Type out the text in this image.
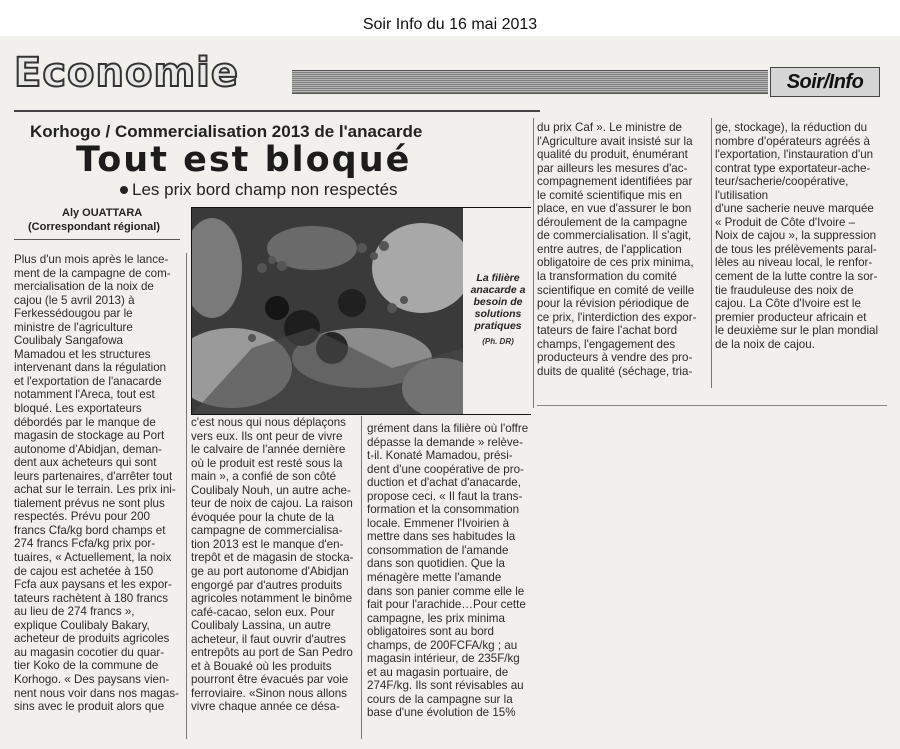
Soir Info du 16 mai 2013
Economie	Soir/Info
Korhogo / Commercialisation 2013 de l'anacarde
Tout est bloqué
Les prix bord champ non respectés
Aly OUATTARA
(Correspondant régional)
La filière anacarde a besoin de solutions pratiques
(Ph. DR)
Plus d'un mois après le lance-
ment de la campagne de com-
mercialisation de la noix de
cajou (le 5 avril 2013) à
Ferkessédougou par le
ministre de l'agriculture
Coulibaly Sangafowa
Mamadou et les structures
intervenant dans la régulation
et l'exportation de l'anacarde
notamment l'Areca, tout est
bloqué. Les exportateurs
débordés par le manque de
magasin de stockage au Port
autonome d'Abidjan, deman-
dent aux acheteurs qui sont
leurs partenaires, d'arrêter tout
achat sur le terrain. Les prix ini-
tialement prévus ne sont plus
respectés. Prévu pour 200
francs Cfa/kg bord champs et
274 francs Fcfa/kg prix por-
tuaires, « Actuellement, la noix
de cajou est achetée à 150
Fcfa aux paysans et les expor-
tateurs rachètent à 180 francs
au lieu de 274 francs »,
explique Coulibaly Bakary,
acheteur de produits agricoles
au magasin cocotier du quar-
tier Koko de la commune de
Korhogo. « Des paysans vien-
nent nous voir dans nos magas-
sins avec le produit alors que
c'est nous qui nous déplaçons
vers eux. Ils ont peur de vivre
le calvaire de l'année dernière
où le produit est resté sous la
main », a confié de son côté
Coulibaly Nouh, un autre ache-
teur de noix de cajou. La raison
évoquée pour la chute de la
campagne de commercialisa-
tion 2013 est le manque d'en-
trepôt et de magasin de stocka-
ge au port autonome d'Abidjan
engorgé par d'autres produits
agricoles notamment le binôme
café-cacao, selon eux. Pour
Coulibaly Lassina, un autre
acheteur, il faut ouvrir d'autres
entrepôts au port de San Pedro
et à Bouaké où les produits
pourront être évacués par voie
ferroviaire. «Sinon nous allons
vivre chaque année ce désa-
grément dans la filière où l'offre
dépasse la demande » relève-
t-il. Konaté Mamadou, prési-
dent d'une coopérative de pro-
duction et d'achat d'anacarde,
propose ceci. « Il faut la trans-
formation et la consommation
locale. Emmener l'Ivoirien à
mettre dans ses habitudes la
consommation de l'amande
dans son quotidien. Que la
ménagère mette l'amande
dans son panier comme elle le
fait pour l'arachide…Pour cette
campagne, les prix minima
obligatoires sont au bord
champs, de 200FCFA/kg ; au
magasin intérieur, de 235F/kg
et au magasin portuaire, de
274F/kg. Ils sont révisables au
cours de la campagne sur la
base d'une évolution de 15%
du prix Caf ». Le ministre de
l'Agriculture avait insisté sur la
qualité du produit, énumérant
par ailleurs les mesures d'ac-
compagnement identifiées par
le comité scientifique mis en
place, en vue d'assurer le bon
déroulement de la campagne
de commercialisation. Il s'agit,
entre autres, de l'application
obligatoire de ces prix minima,
la transformation du comité
scientifique en comité de veille
pour la révision périodique de
ce prix, l'interdiction des expor-
tateurs de faire l'achat bord
champs, l'engagement des
producteurs à vendre des pro-
duits de qualité (séchage, tria-
ge, stockage), la réduction du
nombre d'opérateurs agréés à
l'exportation, l'instauration d'un
contrat type exportateur-ache-
teur/sacherie/coopérative, l'utilisation
d'une sacherie neuve marquée
« Produit de Côte d'Ivoire –
Noix de cajou », la suppression
de tous les prélèvements paral-
lèles au niveau local, le renfor-
cement de la lutte contre la sor-
tie frauduleuse des noix de
cajou. La Côte d'Ivoire est le
premier producteur africain et
le deuxième sur le plan mondial
de la noix de cajou.
